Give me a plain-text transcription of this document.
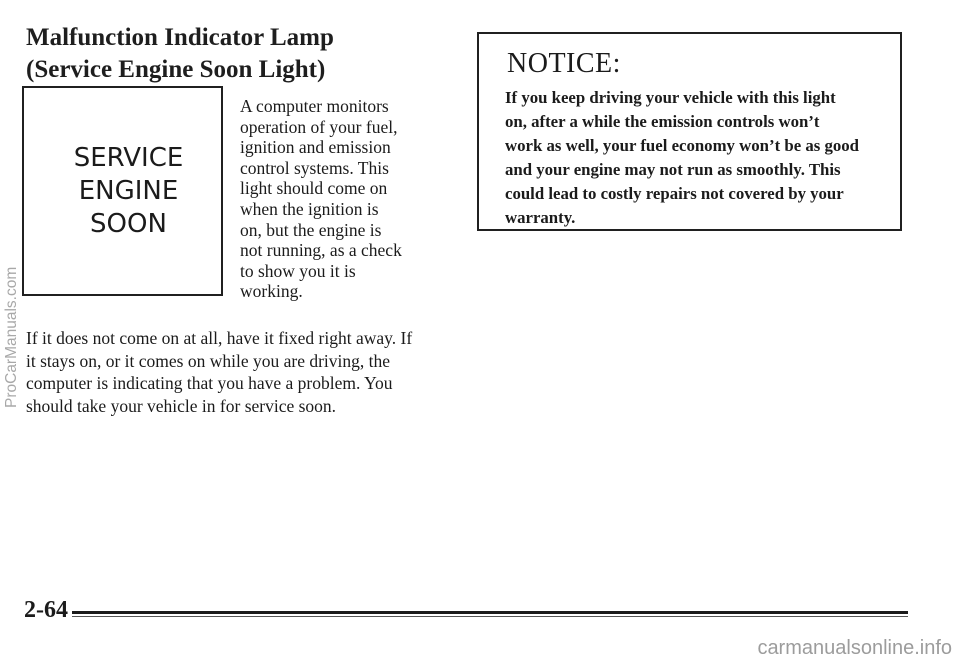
Malfunction Indicator Lamp
(Service Engine Soon Light)
SERVICE
ENGINE
SOON
A computer monitors
operation of your fuel,
ignition and emission
control systems. This
light should come on
when the ignition is
on, but the engine is
not running, as a check
to show you it is
working.
If it does not come on at all, have it fixed right away. If
it stays on, or it comes on while you are driving, the
computer is indicating that you have a problem. You
should take your vehicle in for service soon.
NOTICE:
If you keep driving your vehicle with this light
on, after a while the emission controls won’t
work as well, your fuel economy won’t be as good
and your engine may not run as smoothly. This
could lead to costly repairs not covered by your
warranty.
2-64
ProCarManuals.com
carmanualsonline.info
